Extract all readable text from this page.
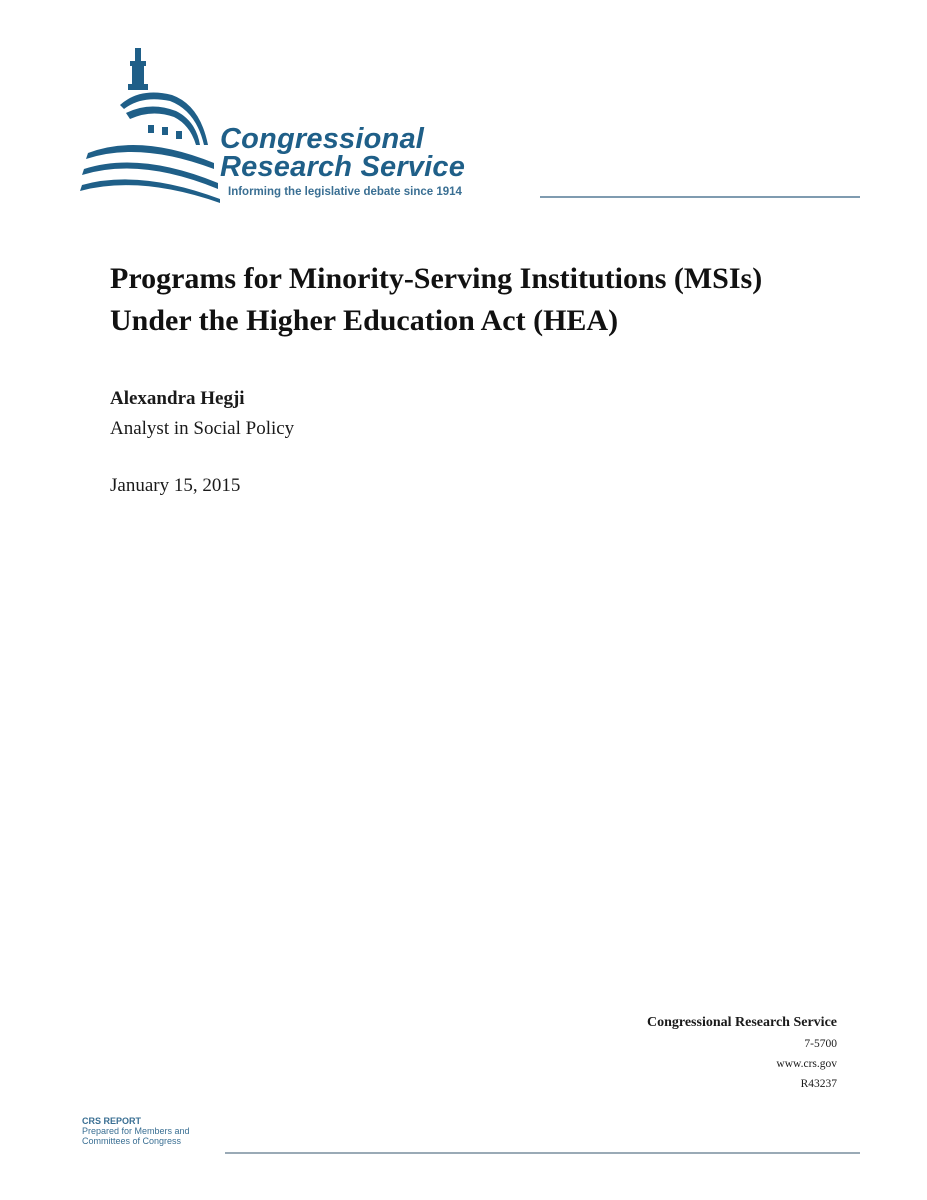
Congressional
Research Service
Informing the legislative debate since 1914
Programs for Minority-Serving Institutions (MSIs) Under the Higher Education Act (HEA)
Alexandra Hegji
Analyst in Social Policy
January 15, 2015
Congressional Research Service
7-5700
www.crs.gov
R43237
CRS REPORT
Prepared for Members and
Committees of Congress
